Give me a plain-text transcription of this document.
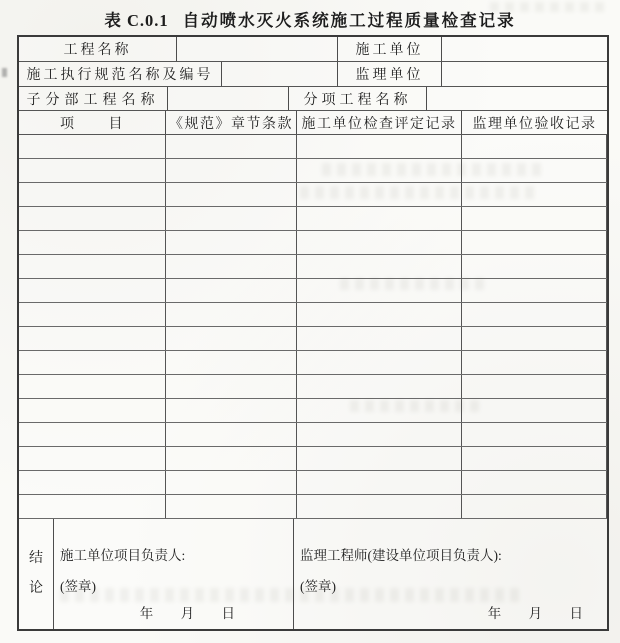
表 C.0.1 自动喷水灭火系统施工过程质量检查记录
工程名称	施工单位
施工执行规范名称及编号	监理单位
子分部工程名称	分项工程名称
项 目	《规范》章节条款 施工单位检查评定记录	监理单位验收记录
结论
施工单位项目负责人:
(签章)
年 月 日
监理工程师(建设单位项目负责人):
(签章)
年 月 日
